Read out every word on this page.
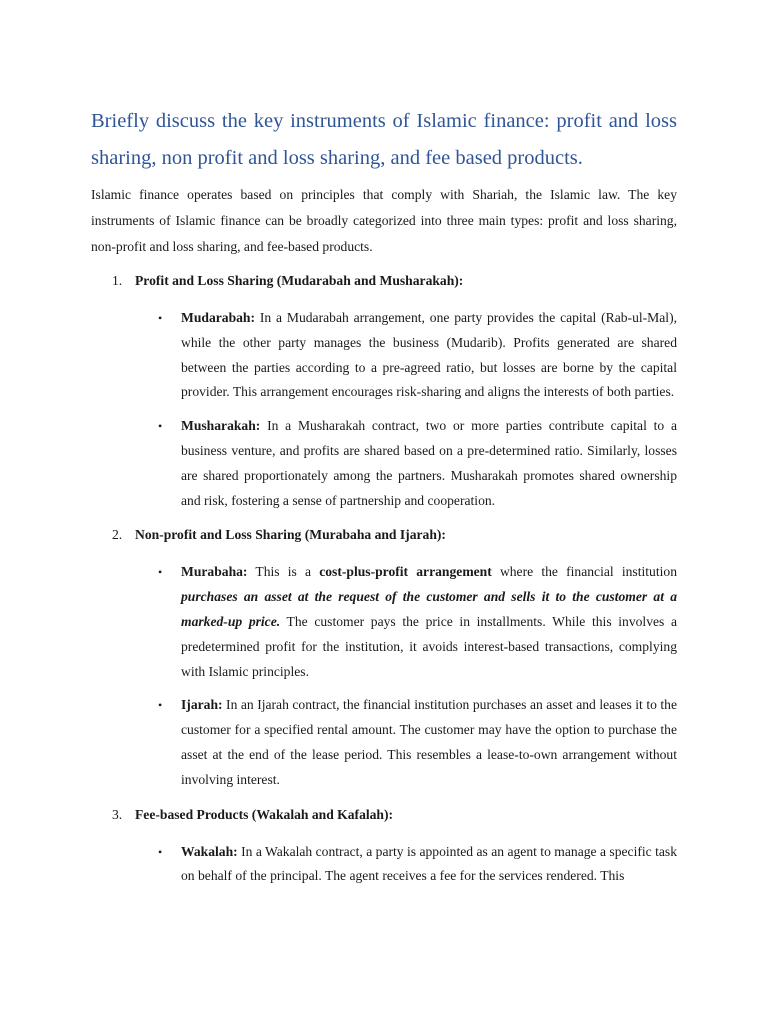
Briefly discuss the key instruments of Islamic finance: profit and loss sharing, non profit and loss sharing, and fee based products.

Islamic finance operates based on principles that comply with Shariah, the Islamic law. The key instruments of Islamic finance can be broadly categorized into three main types: profit and loss sharing, non-profit and loss sharing, and fee-based products.

1. Profit and Loss Sharing (Mudarabah and Musharakah):
•	Mudarabah: In a Mudarabah arrangement, one party provides the capital (Rab-ul-Mal), while the other party manages the business (Mudarib). Profits generated are shared between the parties according to a pre-agreed ratio, but losses are borne by the capital provider. This arrangement encourages risk-sharing and aligns the interests of both parties.
•	Musharakah: In a Musharakah contract, two or more parties contribute capital to a business venture, and profits are shared based on a pre-determined ratio. Similarly, losses are shared proportionately among the partners. Musharakah promotes shared ownership and risk, fostering a sense of partnership and cooperation.
2. Non-profit and Loss Sharing (Murabaha and Ijarah):
•	Murabaha: This is a cost-plus-profit arrangement where the financial institution purchases an asset at the request of the customer and sells it to the customer at a marked-up price. The customer pays the price in installments. While this involves a predetermined profit for the institution, it avoids interest-based transactions, complying with Islamic principles.
•	Ijarah: In an Ijarah contract, the financial institution purchases an asset and leases it to the customer for a specified rental amount. The customer may have the option to purchase the asset at the end of the lease period. This resembles a lease-to-own arrangement without involving interest.
3. Fee-based Products (Wakalah and Kafalah):
•	Wakalah: In a Wakalah contract, a party is appointed as an agent to manage a specific task on behalf of the principal. The agent receives a fee for the services rendered. This
